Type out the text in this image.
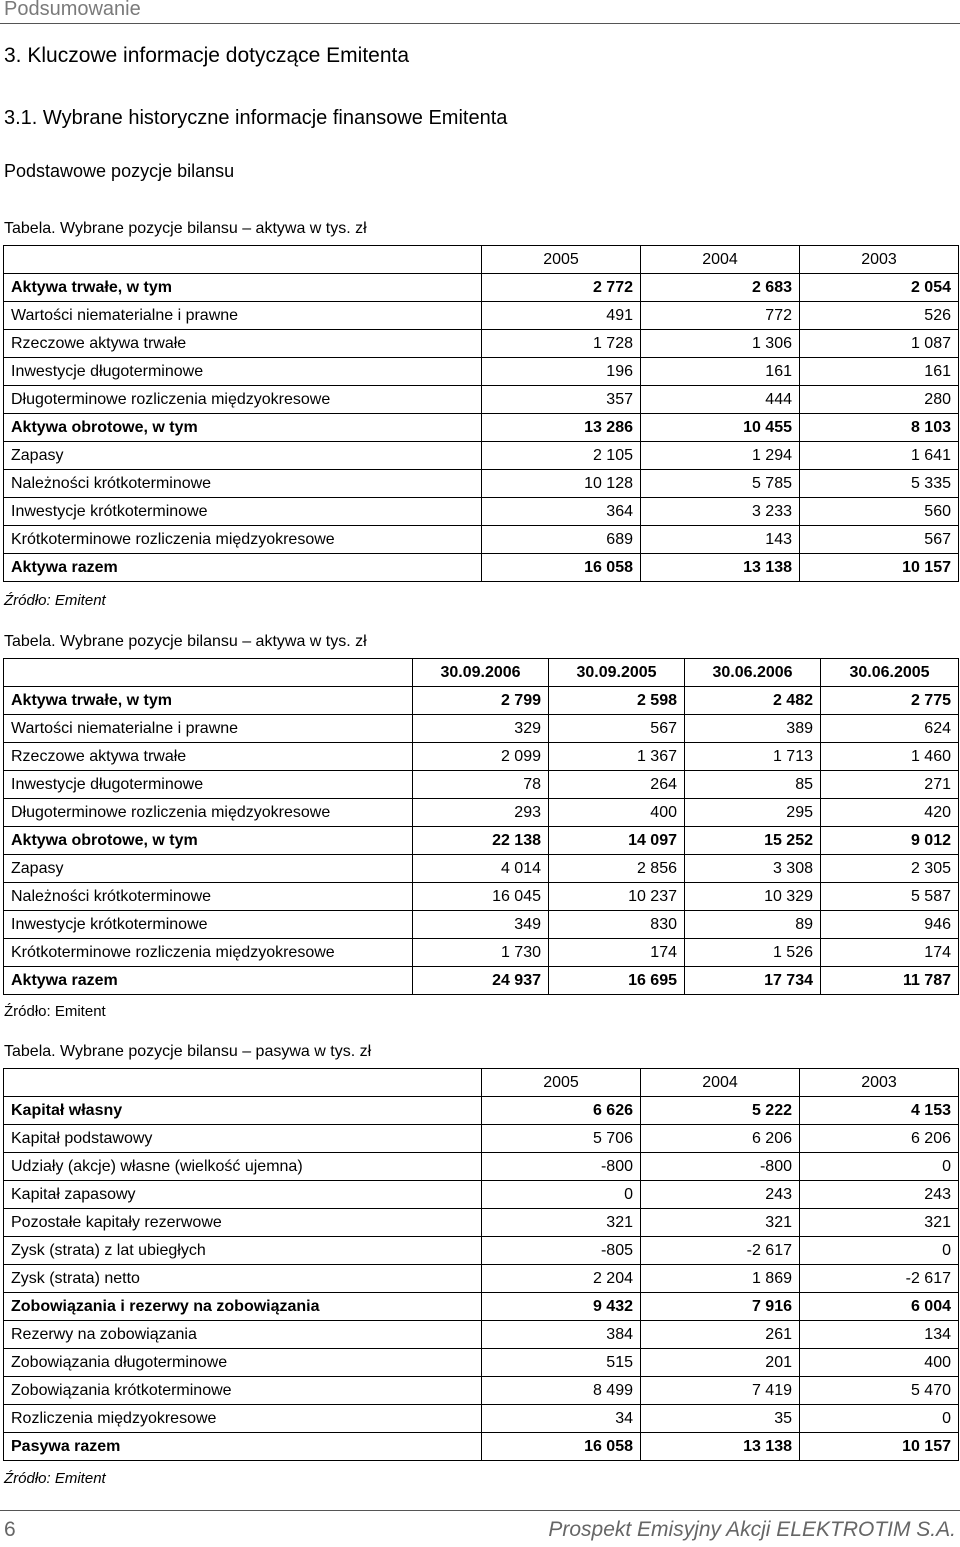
Podsumowanie
3. Kluczowe informacje dotyczące Emitenta
3.1. Wybrane historyczne informacje finansowe Emitenta
Podstawowe pozycje bilansu
Tabela. Wybrane pozycje bilansu – aktywa w tys. zł
	2005	2004	2003
Aktywa trwałe, w tym	2 772	2 683	2 054
Wartości niematerialne i prawne	491	772	526
Rzeczowe aktywa trwałe	1 728	1 306	1 087
Inwestycje długoterminowe	196	161	161
Długoterminowe rozliczenia międzyokresowe	357	444	280
Aktywa obrotowe, w tym	13 286	10 455	8 103
Zapasy	2 105	1 294	1 641
Należności krótkoterminowe	10 128	5 785	5 335
Inwestycje krótkoterminowe	364	3 233	560
Krótkoterminowe rozliczenia międzyokresowe	689	143	567
Aktywa razem	16 058	13 138	10 157
Źródło: Emitent
Tabela. Wybrane pozycje bilansu – aktywa w tys. zł
	30.09.2006	30.09.2005	30.06.2006	30.06.2005
Aktywa trwałe, w tym	2 799	2 598	2 482	2 775
Wartości niematerialne i prawne	329	567	389	624
Rzeczowe aktywa trwałe	2 099	1 367	1 713	1 460
Inwestycje długoterminowe	78	264	85	271
Długoterminowe rozliczenia międzyokresowe	293	400	295	420
Aktywa obrotowe, w tym	22 138	14 097	15 252	9 012
Zapasy	4 014	2 856	3 308	2 305
Należności krótkoterminowe	16 045	10 237	10 329	5 587
Inwestycje krótkoterminowe	349	830	89	946
Krótkoterminowe rozliczenia międzyokresowe	1 730	174	1 526	174
Aktywa razem	24 937	16 695	17 734	11 787
Źródło: Emitent
Tabela. Wybrane pozycje bilansu – pasywa w tys. zł
	2005	2004	2003
Kapitał własny	6 626	5 222	4 153
Kapitał podstawowy	5 706	6 206	6 206
Udziały (akcje) własne (wielkość ujemna)	-800	-800	0
Kapitał zapasowy	0	243	243
Pozostałe kapitały rezerwowe	321	321	321
Zysk (strata) z lat ubiegłych	-805	-2 617	0
Zysk (strata) netto	2 204	1 869	-2 617
Zobowiązania i rezerwy na zobowiązania	9 432	7 916	6 004
Rezerwy na zobowiązania	384	261	134
Zobowiązania długoterminowe	515	201	400
Zobowiązania krótkoterminowe	8 499	7 419	5 470
Rozliczenia międzyokresowe	34	35	0
Pasywa razem	16 058	13 138	10 157
Źródło: Emitent
6	Prospekt Emisyjny Akcji ELEKTROTIM S.A.
